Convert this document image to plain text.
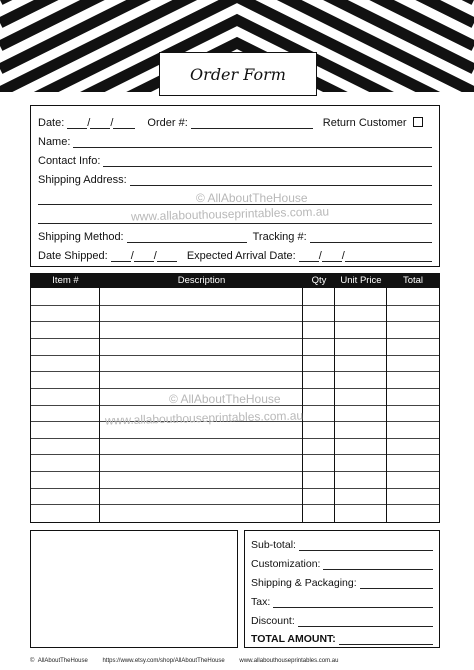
Order Form
Date: / /	Order #:	Return Customer
Name:
Contact Info:
Shipping Address:
Shipping Method:	Tracking #:
Date Shipped: / /	Expected Arrival Date: / /
© AllAboutTheHouse
www.allabouthouseprintables.com.au
Item #	Description	Qty	Unit Price	Total
© AllAboutTheHouse
www.allabouthouseprintables.com.au
Sub-total:
Customization:
Shipping & Packaging:
Tax:
Discount:
TOTAL AMOUNT:
© AllAboutTheHouse https://www.etsy.com/shop/AllAboutTheHouse www.allabouthouseprintables.com.au
